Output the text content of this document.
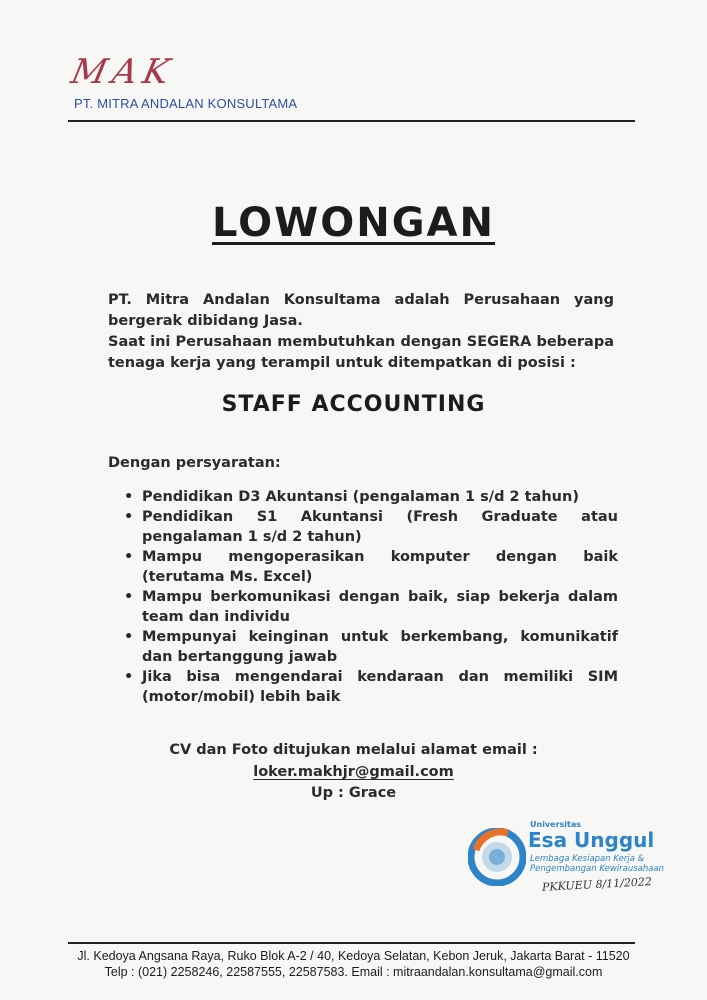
MAK
PT. MITRA ANDALAN KONSULTAMA
LOWONGAN
PT. Mitra Andalan Konsultama adalah Perusahaan yang bergerak dibidang Jasa.
Saat ini Perusahaan membutuhkan dengan SEGERA beberapa tenaga kerja yang terampil untuk ditempatkan di posisi :
STAFF ACCOUNTING
Dengan persyaratan:
• Pendidikan D3 Akuntansi (pengalaman 1 s/d 2 tahun)
• Pendidikan S1 Akuntansi (Fresh Graduate atau pengalaman 1 s/d 2 tahun)
• Mampu mengoperasikan komputer dengan baik (terutama Ms. Excel)
• Mampu berkomunikasi dengan baik, siap bekerja dalam team dan individu
• Mempunyai keinginan untuk berkembang, komunikatif dan bertanggung jawab
• Jika bisa mengendarai kendaraan dan memiliki SIM (motor/mobil) lebih baik
CV dan Foto ditujukan melalui alamat email :
loker.makhjr@gmail.com
Up : Grace
Universitas
Esa Unggul
Lembaga Kesiapan Kerja &
Pengembangan Kewirausahaan
PKKUEU 8/11/2022
Jl. Kedoya Angsana Raya, Ruko Blok A-2 / 40, Kedoya Selatan, Kebon Jeruk, Jakarta Barat - 11520
Telp : (021) 2258246, 22587555, 22587583. Email : mitraandalan.konsultama@gmail.com
